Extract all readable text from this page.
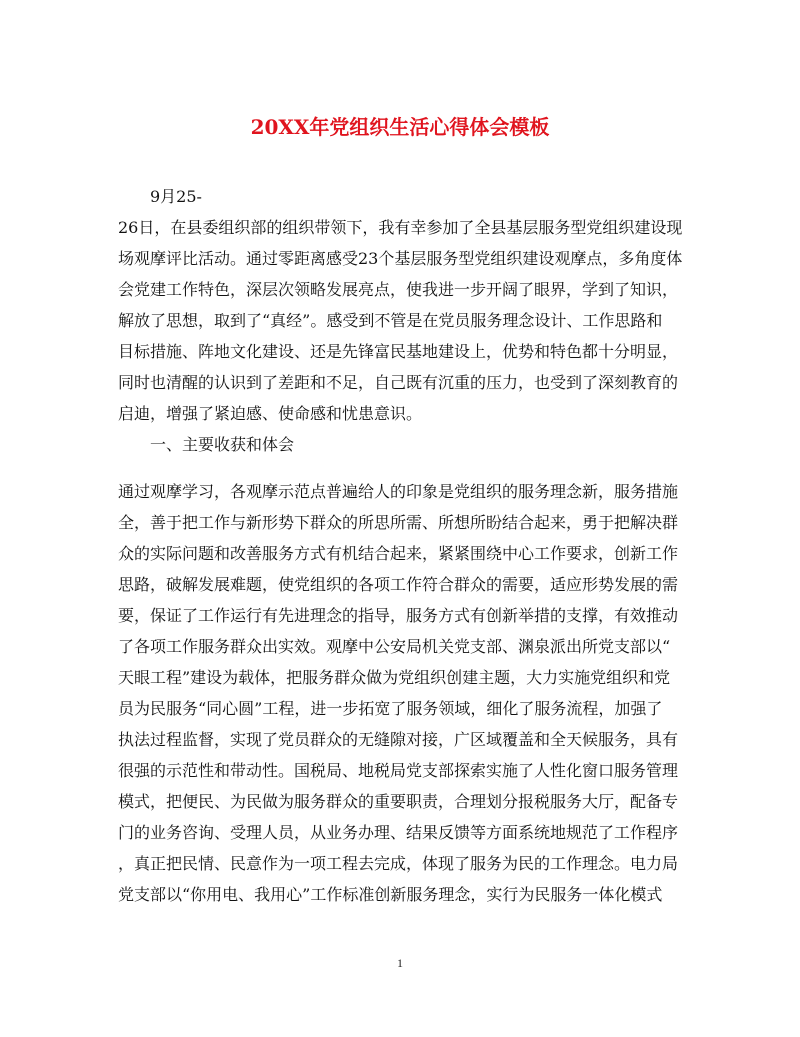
20XX年党组织生活心得体会模板
9月25-
26日，在县委组织部的组织带领下，我有幸参加了全县基层服务型党组织建设现
场观摩评比活动。通过零距离感受23个基层服务型党组织建设观摩点，多角度体
会党建工作特色，深层次领略发展亮点，使我进一步开阔了眼界，学到了知识，
解放了思想，取到了“真经”。感受到不管是在党员服务理念设计、工作思路和
目标措施、阵地文化建设、还是先锋富民基地建设上，优势和特色都十分明显，
同时也清醒的认识到了差距和不足，自己既有沉重的压力，也受到了深刻教育的
启迪，增强了紧迫感、使命感和忧患意识。
一、主要收获和体会
通过观摩学习，各观摩示范点普遍给人的印象是党组织的服务理念新，服务措施
全，善于把工作与新形势下群众的所思所需、所想所盼结合起来，勇于把解决群
众的实际问题和改善服务方式有机结合起来，紧紧围绕中心工作要求，创新工作
思路，破解发展难题，使党组织的各项工作符合群众的需要，适应形势发展的需
要，保证了工作运行有先进理念的指导，服务方式有创新举措的支撑，有效推动
了各项工作服务群众出实效。观摩中公安局机关党支部、渊泉派出所党支部以“
天眼工程”建设为载体，把服务群众做为党组织创建主题，大力实施党组织和党
员为民服务“同心圆”工程，进一步拓宽了服务领域，细化了服务流程，加强了
执法过程监督，实现了党员群众的无缝隙对接，广区域覆盖和全天候服务，具有
很强的示范性和带动性。国税局、地税局党支部探索实施了人性化窗口服务管理
模式，把便民、为民做为服务群众的重要职责，合理划分报税服务大厅，配备专
门的业务咨询、受理人员，从业务办理、结果反馈等方面系统地规范了工作程序
，真正把民情、民意作为一项工程去完成，体现了服务为民的工作理念。电力局
党支部以“你用电、我用心”工作标准创新服务理念，实行为民服务一体化模式
1
